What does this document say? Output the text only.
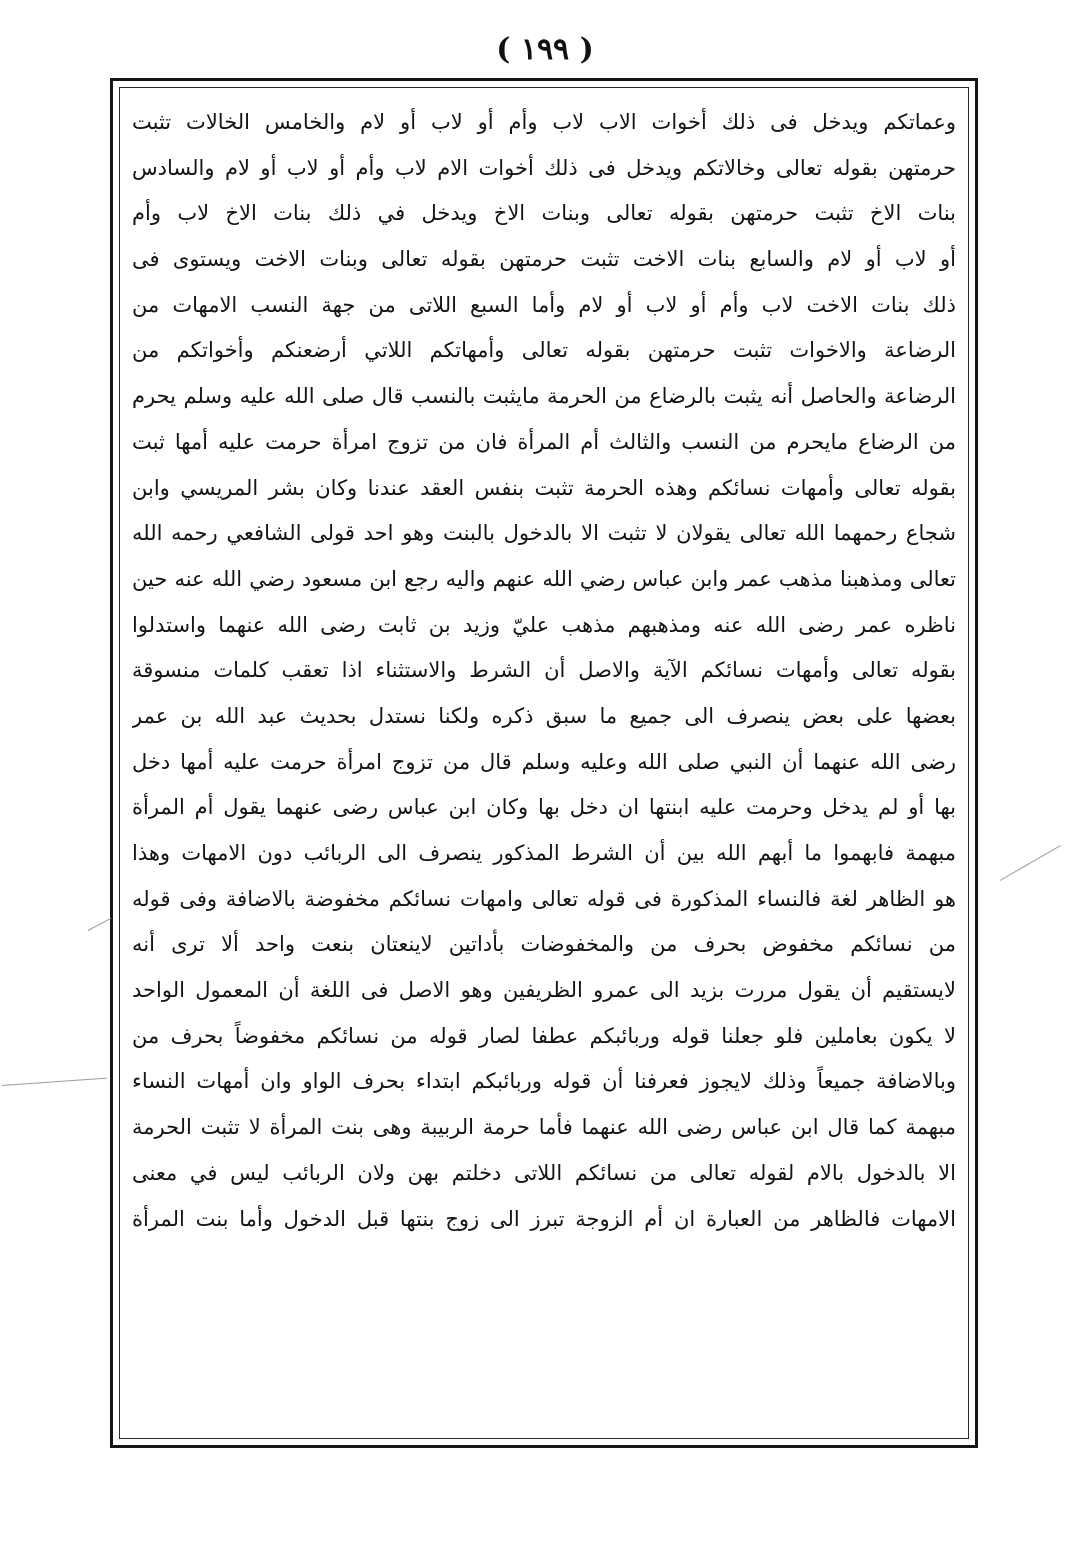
( ١٩٩ )
وعماتكم ويدخل فى ذلك أخوات الاب لاب وأم أو لاب أو لام والخامس الخالات تثبت
حرمتهن بقوله تعالى وخالاتكم ويدخل فى ذلك أخوات الام لاب وأم أو لاب أو لام والسادس
بنات الاخ تثبت حرمتهن بقوله تعالى وبنات الاخ ويدخل في ذلك بنات الاخ لاب وأم
أو لاب أو لام والسابع بنات الاخت تثبت حرمتهن بقوله تعالى وبنات الاخت ويستوى فى
ذلك بنات الاخت لاب وأم أو لاب أو لام وأما السبع اللاتى من جهة النسب الامهات من
الرضاعة والاخوات تثبت حرمتهن بقوله تعالى وأمهاتكم اللاتي أرضعنكم وأخواتكم من
الرضاعة والحاصل أنه يثبت بالرضاع من الحرمة مايثبت بالنسب قال صلى الله عليه وسلم يحرم
من الرضاع مايحرم من النسب والثالث أم المرأة فان من تزوج امرأة حرمت عليه أمها ثبت
بقوله تعالى وأمهات نسائكم وهذه الحرمة تثبت بنفس العقد عندنا وكان بشر المريسي وابن
شجاع رحمهما الله تعالى يقولان لا تثبت الا بالدخول بالبنت وهو احد قولى الشافعي رحمه الله
تعالى ومذهبنا مذهب عمر وابن عباس رضي الله عنهم واليه رجع ابن مسعود رضي الله عنه حين
ناظره عمر رضى الله عنه ومذهبهم مذهب عليّ وزيد بن ثابت رضى الله عنهما واستدلوا
بقوله تعالى وأمهات نسائكم الآية والاصل أن الشرط والاستثناء اذا تعقب كلمات منسوقة
بعضها على بعض ينصرف الى جميع ما سبق ذكره ولكنا نستدل بحديث عبد الله بن عمر
رضى الله عنهما أن النبي صلى الله وعليه وسلم قال من تزوج امرأة حرمت عليه أمها دخل
بها أو لم يدخل وحرمت عليه ابنتها ان دخل بها وكان ابن عباس رضى عنهما يقول أم المرأة
مبهمة فابهموا ما أبهم الله بين أن الشرط المذكور ينصرف الى الربائب دون الامهات وهذا
هو الظاهر لغة فالنساء المذكورة فى قوله تعالى وامهات نسائكم مخفوضة بالاضافة وفى قوله
من نسائكم مخفوض بحرف من والمخفوضات بأداتين لاينعتان بنعت واحد ألا ترى أنه
لايستقيم أن يقول مررت بزيد الى عمرو الظريفين وهو الاصل فى اللغة أن المعمول الواحد
لا يكون بعاملين فلو جعلنا قوله وربائبكم عطفا لصار قوله من نسائكم مخفوضاً بحرف من
وبالاضافة جميعاً وذلك لايجوز فعرفنا أن قوله وربائبكم ابتداء بحرف الواو وان أمهات النساء
مبهمة كما قال ابن عباس رضى الله عنهما فأما حرمة الربيبة وهى بنت المرأة لا تثبت الحرمة
الا بالدخول بالام لقوله تعالى من نسائكم اللاتى دخلتم بهن ولان الربائب ليس في معنى
الامهات فالظاهر من العبارة ان أم الزوجة تبرز الى زوج بنتها قبل الدخول وأما بنت المرأة
